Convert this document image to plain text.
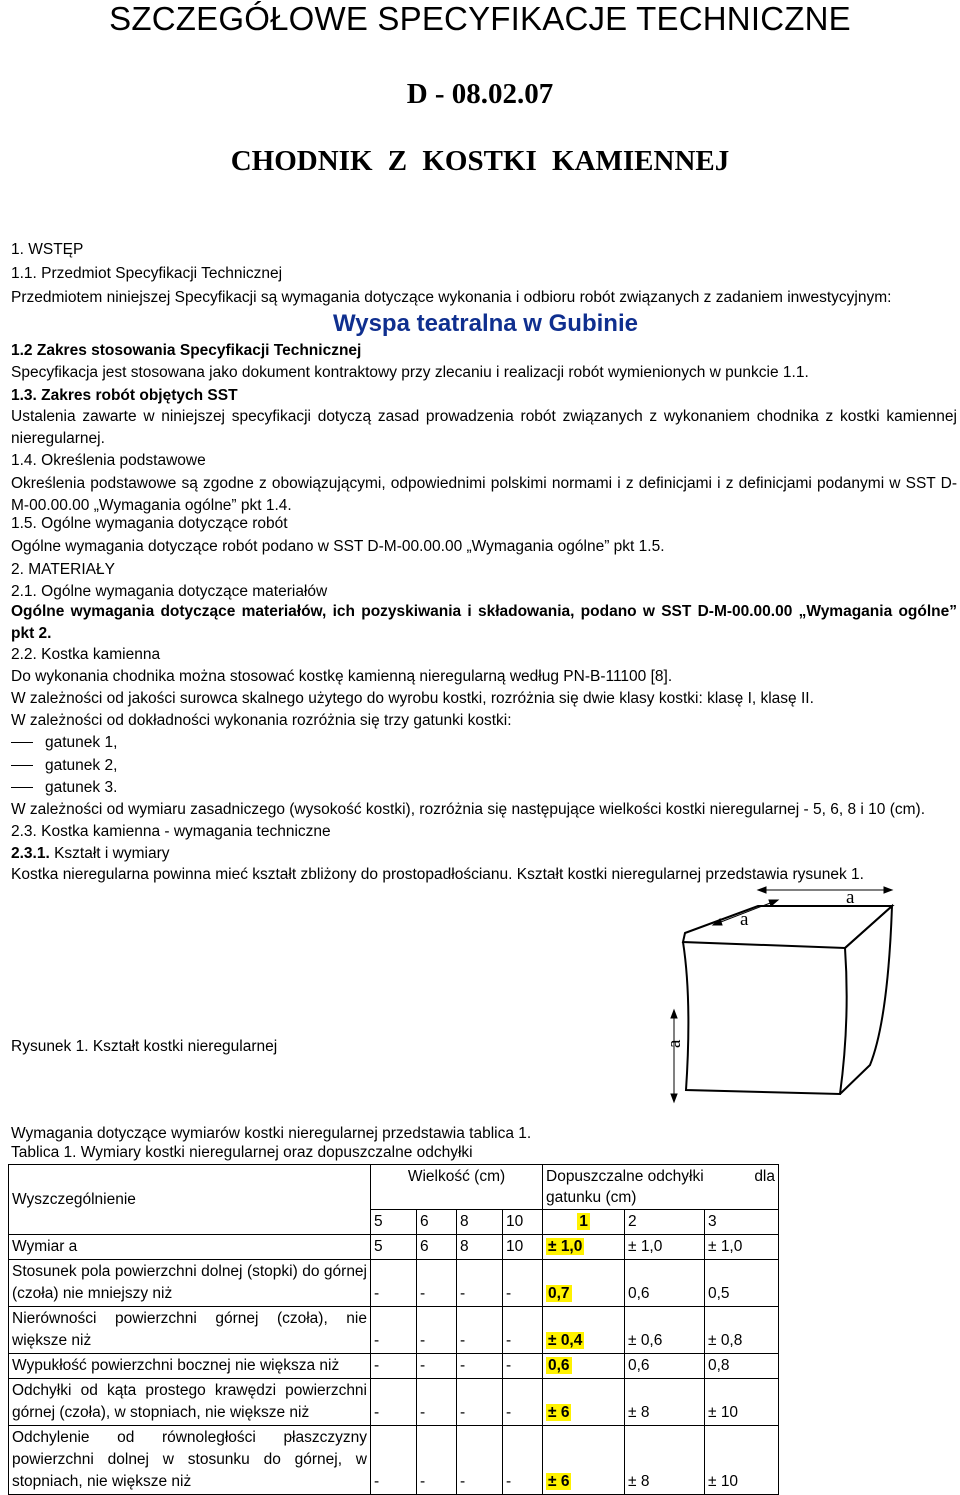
SZCZEGÓŁOWE SPECYFIKACJE TECHNICZNE
D - 08.02.07
CHODNIK Z KOSTKI KAMIENNEJ
1. WSTĘP
1.1. Przedmiot Specyfikacji Technicznej
Przedmiotem niniejszej Specyfikacji są wymagania dotyczące wykonania i odbioru robót związanych z zadaniem inwestycyjnym:
Wyspa teatralna w Gubinie
1.2 Zakres stosowania Specyfikacji Technicznej
Specyfikacja jest stosowana jako dokument kontraktowy przy zlecaniu i realizacji robót wymienionych w punkcie 1.1.
1.3. Zakres robót objętych SST
Ustalenia zawarte w niniejszej specyfikacji dotyczą zasad prowadzenia robót związanych z wykonaniem chodnika z kostki kamiennej nieregularnej.
1.4. Określenia podstawowe
Określenia podstawowe są zgodne z obowiązującymi, odpowiednimi polskimi normami i z definicjami i z definicjami podanymi w SST D-M-00.00.00 „Wymagania ogólne” pkt 1.4.
1.5. Ogólne wymagania dotyczące robót
Ogólne wymagania dotyczące robót podano w SST D-M-00.00.00 „Wymagania ogólne” pkt 1.5.
2. MATERIAŁY
2.1. Ogólne wymagania dotyczące materiałów
Ogólne wymagania dotyczące materiałów, ich pozyskiwania i składowania, podano w SST D-M-00.00.00 „Wymagania ogólne” pkt 2.
2.2. Kostka kamienna
Do wykonania chodnika można stosować kostkę kamienną nieregularną według PN-B-11100 [8].
W zależności od jakości surowca skalnego użytego do wyrobu kostki, rozróżnia się dwie klasy kostki: klasę I, klasę II.
W zależności od dokładności wykonania rozróżnia się trzy gatunki kostki:
gatunek 1,
gatunek 2,
gatunek 3.
W zależności od wymiaru zasadniczego (wysokość kostki), rozróżnia się następujące wielkości kostki nieregularnej - 5, 6, 8 i 10 (cm).
2.3. Kostka kamienna - wymagania techniczne
2.3.1. Kształt i wymiary
Kostka nieregularna powinna mieć kształt zbliżony do prostopadłościanu. Kształt kostki nieregularnej przedstawia rysunek 1.
a
a
a
Rysunek 1. Kształt kostki nieregularnej
Wymagania dotyczące wymiarów kostki nieregularnej przedstawia tablica 1.
Tablica 1. Wymiary kostki nieregularnej oraz dopuszczalne odchyłki
Wyszczególnienie	Wielkość (cm)				Dopuszczalne odchyłki dla
gatunku (cm)		

	5	6	8	10	1	2	3
Wymiar a	5	6	8	10	± 1,0	± 1,0	± 1,0
Stosunek pola powierzchni dolnej (stopki) do górnej (czoła) nie mniejszy niż	-	-	-	-	0,7	0,6	0,5
Nierówności powierzchni górnej (czoła), nie większe niż	-	-	-	-	± 0,4	± 0,6	± 0,8
Wypukłość powierzchni bocznej nie większa niż	-	-	-	-	0,6	0,6	0,8
Odchyłki od kąta prostego krawędzi powierzchni górnej (czoła), w stopniach, nie większe niż	-	-	-	-	± 6	± 8	± 10
Odchylenie od równoległości płaszczyzny powierzchni dolnej w stosunku do górnej, w stopniach, nie większe niż	-	-	-	-	± 6	± 8	± 10
